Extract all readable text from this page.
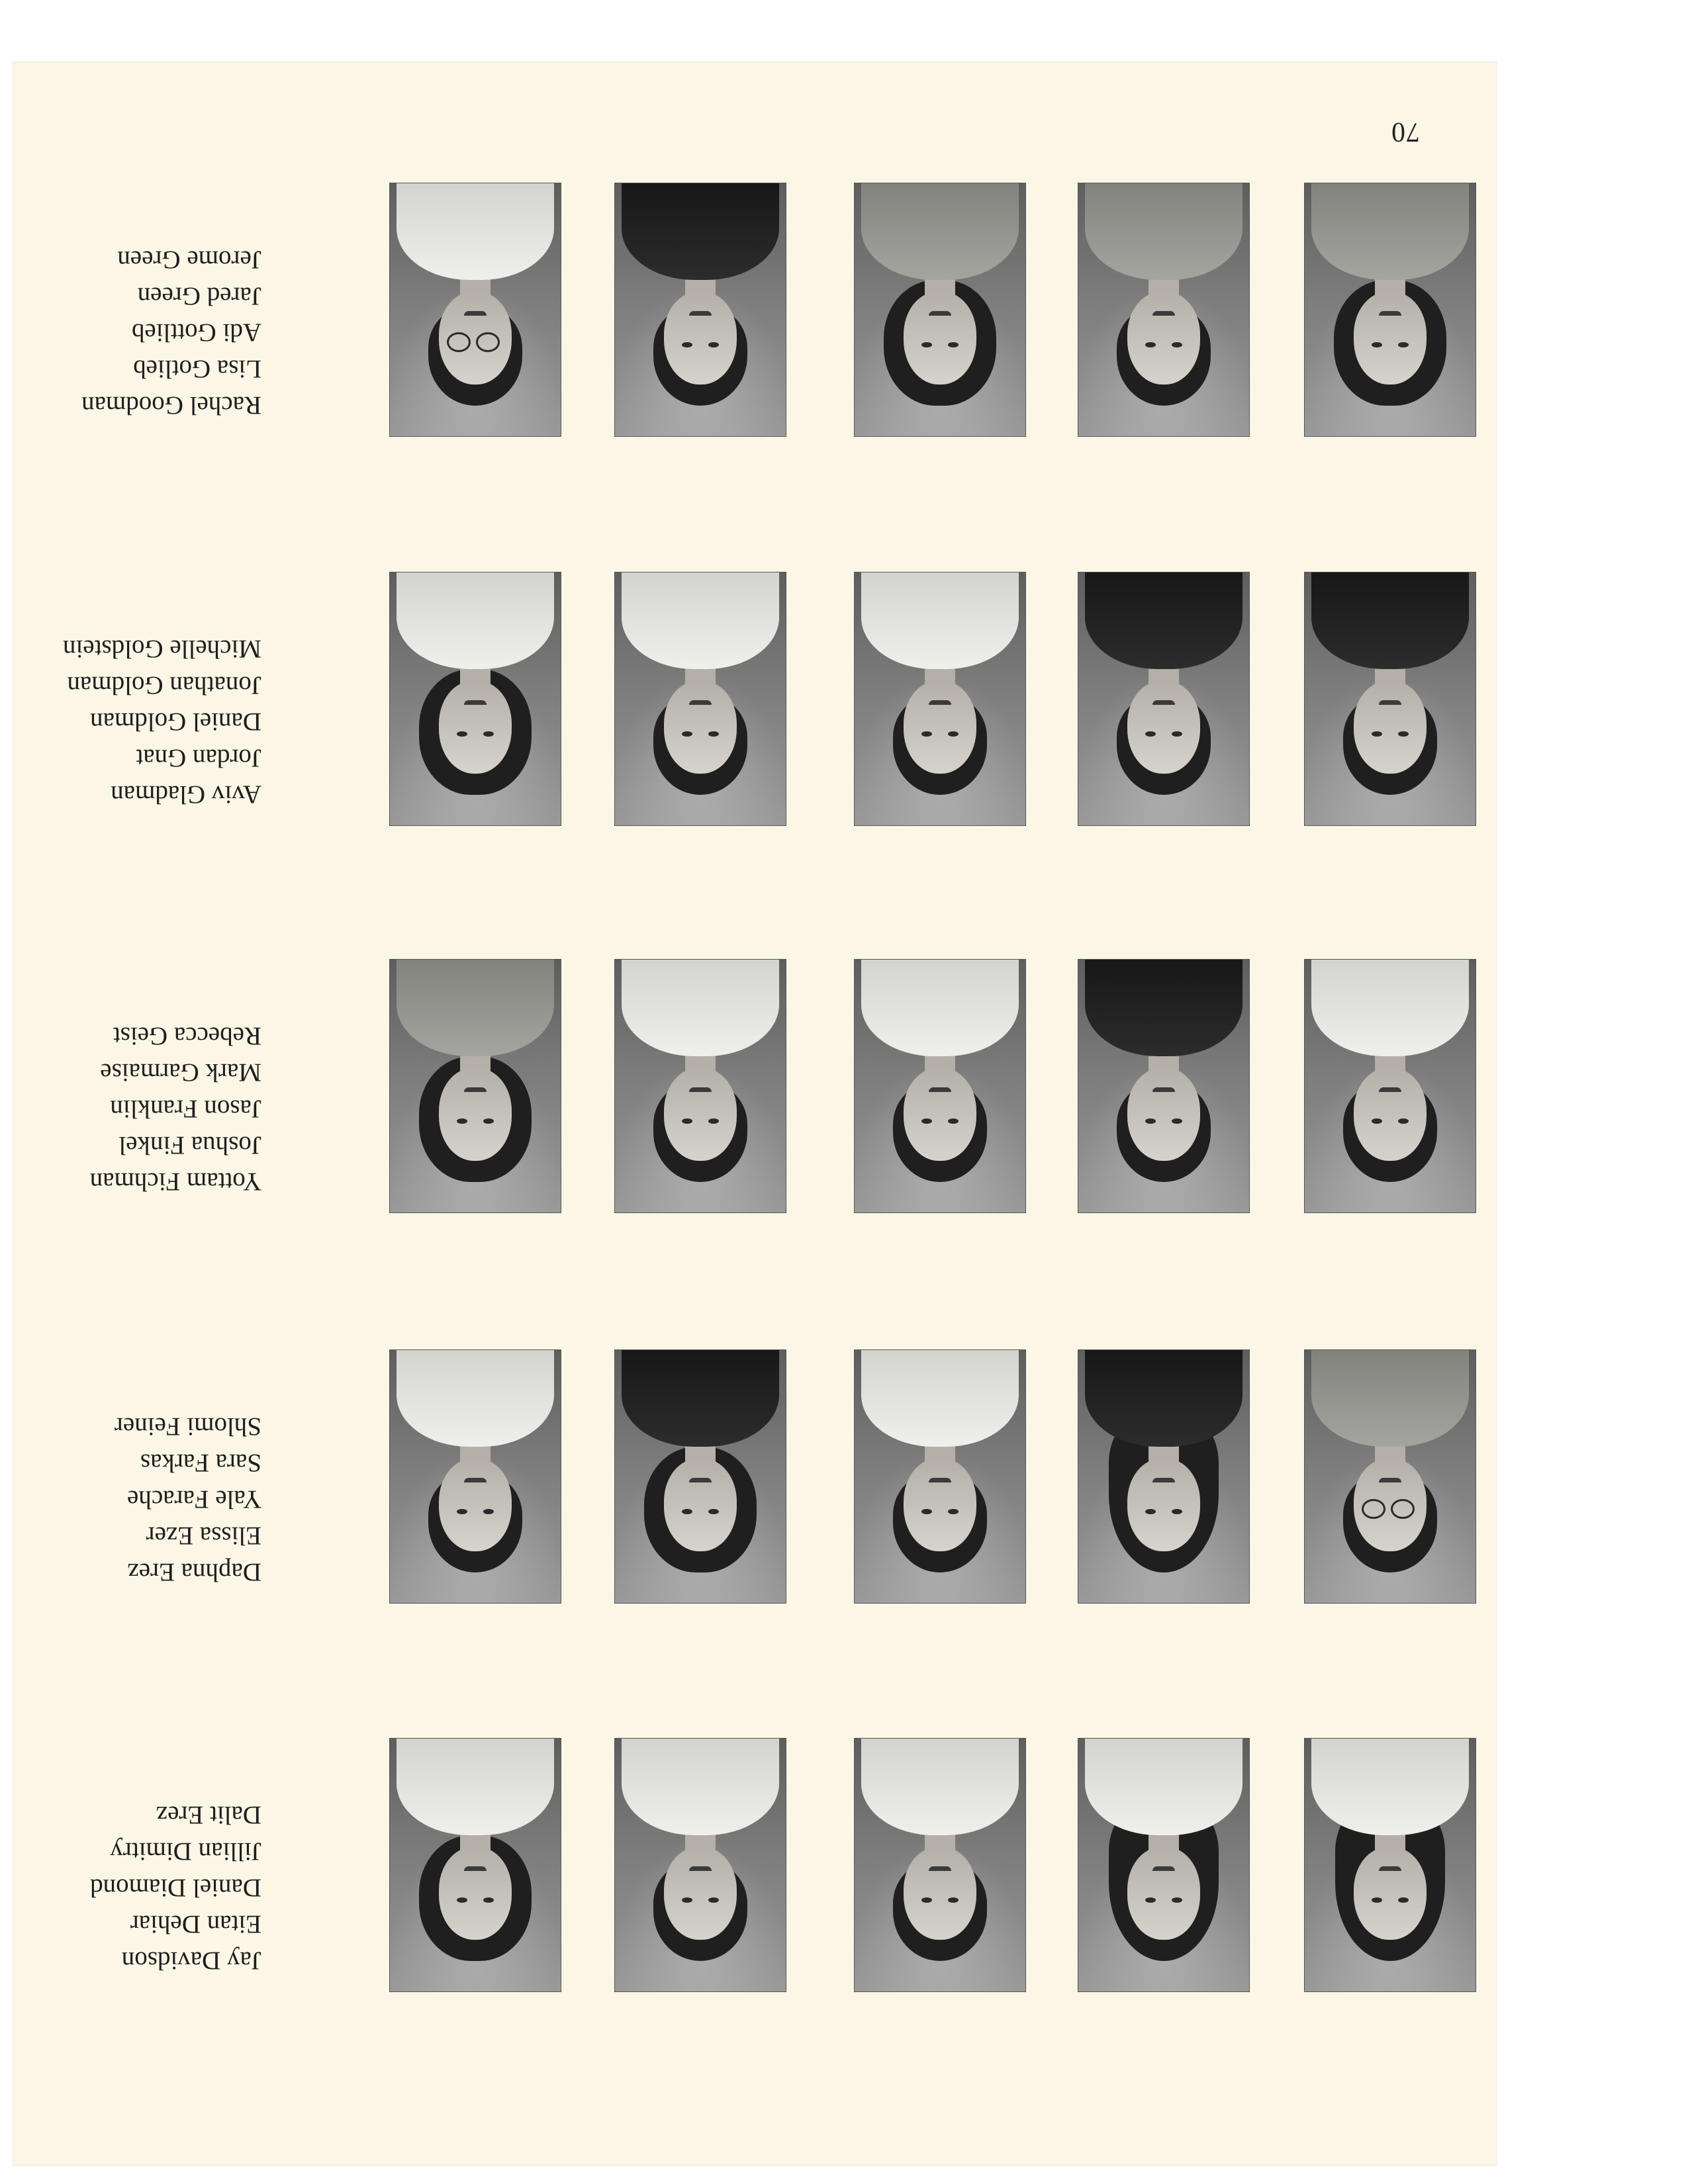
70
Jay Davidson
Eitan Dehiar
Daniel Diamond
Jillian Dimitry
Dalit Erez
Daphna Erez
Elissa Ezer
Yale Farache
Sara Farkas
Shlomi Feiner
Yottam Fichman
Joshua Finkel
Jason Franklin
Mark Garmaise
Rebecca Geist
Aviv Gladman
Jordan Gnat
Daniel Goldman
Jonathan Goldman
Michelle Goldstein
Rachel Goodman
Lisa Gotlieb
Adi Gottlieb
Jared Green
Jerome Green
